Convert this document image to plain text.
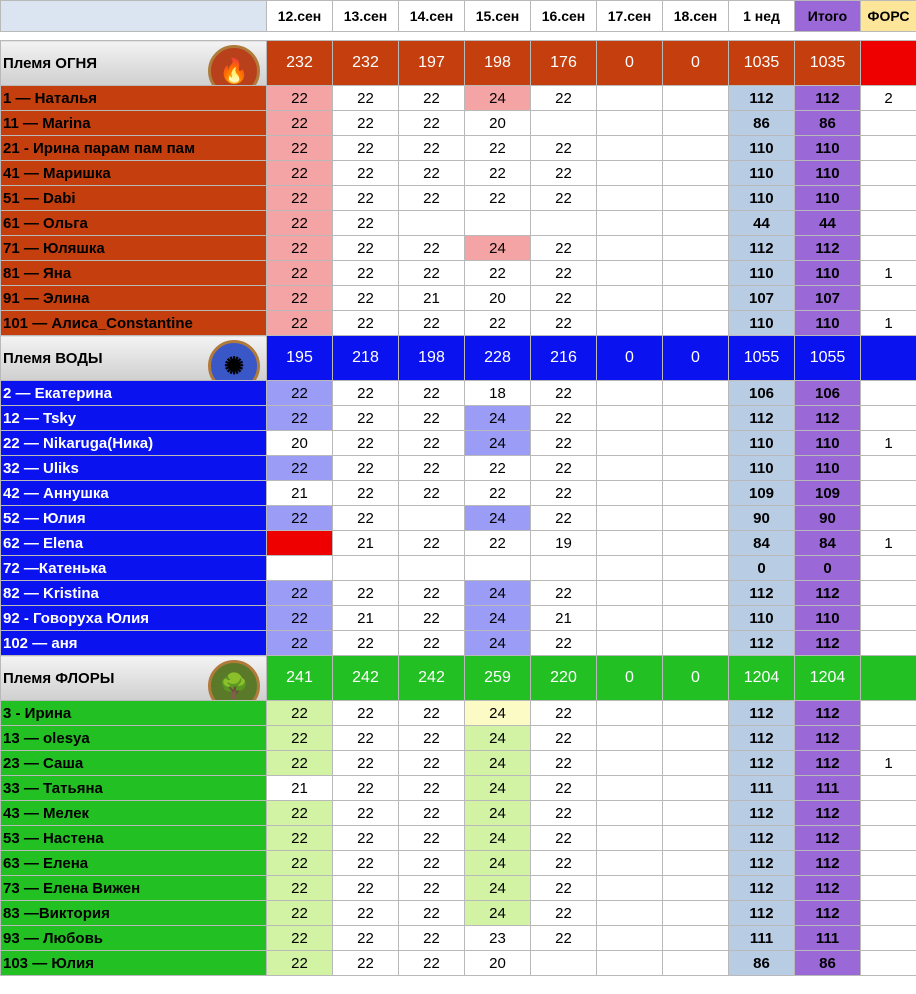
	12.сен	13.сен	14.сен	15.сен	16.сен	17.сен	18.сен	1 нед	Итого	ФОРС

Племя ОГНЯ 🔥	232	232	197	198	176	0	0	1035	1035	
1 — Наталья	22	22	22	24	22			112	112	2
11 — Marina	22	22	22	20				86	86	
21 - Ирина парам пам пам	22	22	22	22	22			110	110	
41 — Маришка	22	22	22	22	22			110	110	
51 — Dabi	22	22	22	22	22			110	110	
61 — Ольга	22	22						44	44	
71 — Юляшка	22	22	22	24	22			112	112	
81 — Яна	22	22	22	22	22			110	110	1
91 — Элина	22	22	21	20	22			107	107	
101 — Алиса_Constantine	22	22	22	22	22			110	110	1
Племя ВОДЫ ✺	195	218	198	228	216	0	0	1055	1055	
2 — Екатерина	22	22	22	18	22			106	106	
12 — Tsky	22	22	22	24	22			112	112	
22 — Nikaruga(Ника)	20	22	22	24	22			110	110	1
32 — Uliks	22	22	22	22	22			110	110	
42 — Аннушка	21	22	22	22	22			109	109	
52 — Юлия	22	22		24	22			90	90	
62 — Elena		21	22	22	19			84	84	1
72 —Катенька								0	0	
82 — Kristina	22	22	22	24	22			112	112	
92 - Говоруха Юлия	22	21	22	24	21			110	110	
102 — аня	22	22	22	24	22			112	112	
Племя ФЛОРЫ 🌳	241	242	242	259	220	0	0	1204	1204	
3 - Ирина	22	22	22	24	22			112	112	
13 — olesya	22	22	22	24	22			112	112	
23 — Саша	22	22	22	24	22			112	112	1
33 — Татьяна	21	22	22	24	22			111	111	
43 — Мелек	22	22	22	24	22			112	112	
53 — Настена	22	22	22	24	22			112	112	
63 — Елена	22	22	22	24	22			112	112	
73 — Елена Вижен	22	22	22	24	22			112	112	
83 —Виктория	22	22	22	24	22			112	112	
93 — Любовь	22	22	22	23	22			111	111	
103 — Юлия	22	22	22	20				86	86	
